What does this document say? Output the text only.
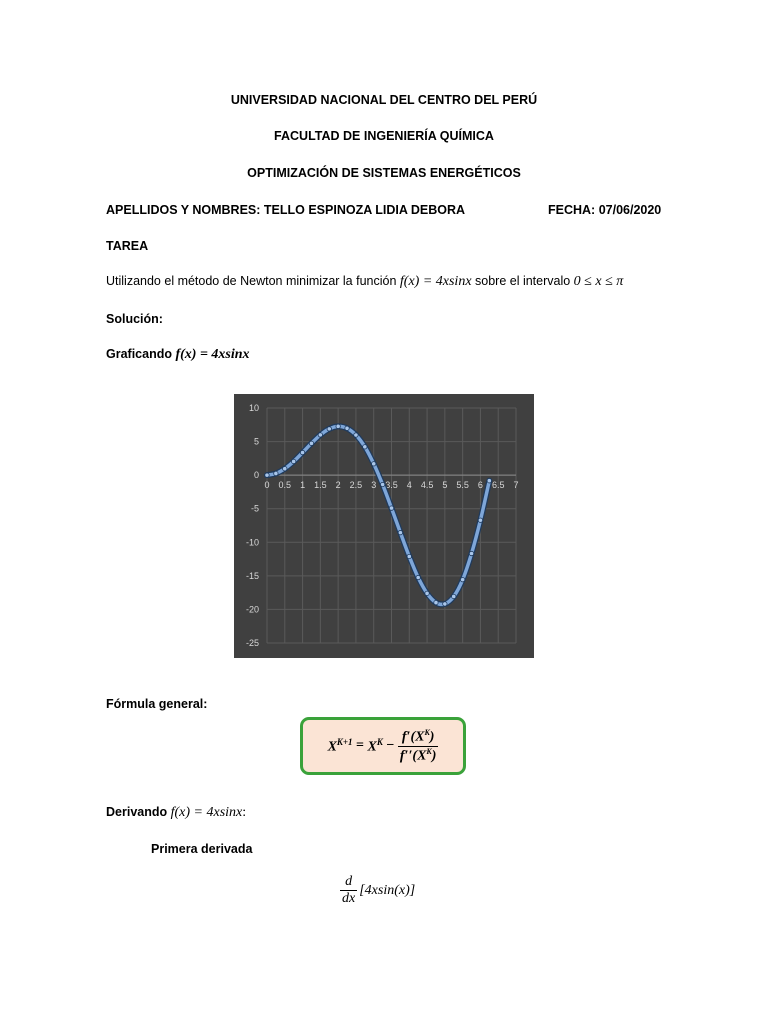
UNIVERSIDAD NACIONAL DEL CENTRO DEL PERÚ
FACULTAD DE INGENIERÍA QUÍMICA
OPTIMIZACIÓN DE SISTEMAS ENERGÉTICOS
APELLIDOS Y NOMBRES: TELLO ESPINOZA LIDIA DEBORA	FECHA: 07/06/2020
TAREA
Utilizando el método de Newton minimizar la función f(x) = 4xsinx sobre el intervalo 0 ≤ x ≤ π
Solución:
Graficando f(x) = 4xsinx
10
5
0
-5
-10
-15
-20
-25
0 0.5 1 1.5 2 2.5 3 3.5 4 4.5 5 5.5 6 6.5 7
Fórmula general:
$X^{K+1} = X^K - \frac{f'(X^K)}{f''(X^K)}$
Derivando f(x) = 4xsinx:
Primera derivada
$\frac{d}{dx} [4xsin(x)]$
